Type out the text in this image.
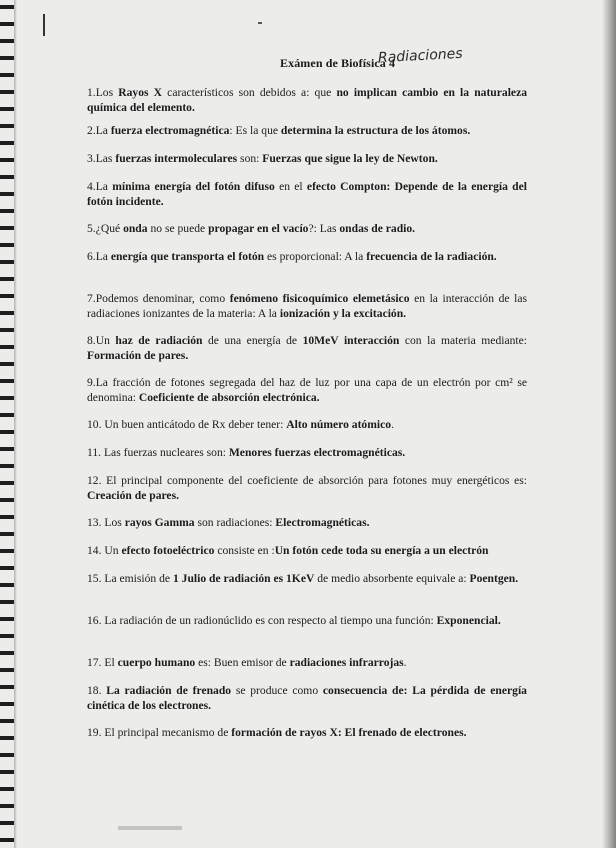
Exámen de Biofísica 4
Radiaciones
1.Los Rayos X característicos son debidos a: que no implican cambio en la naturaleza química del elemento.
2.La fuerza electromagnética: Es la que determina la estructura de los átomos.
3.Las fuerzas intermoleculares son: Fuerzas que sigue la ley de Newton.
4.La mínima energía del fotón difuso en el efecto Compton: Depende de la energía del fotón incidente.
5.¿Qué onda no se puede propagar en el vacío?: Las ondas de radio.
6.La energía que transporta el fotón es proporcional: A la frecuencia de la radiación.
7.Podemos denominar, como fenómeno fisicoquímico elemetásico en la interacción de las radiaciones ionizantes de la materia: A la ionización y la excitación.
8.Un haz de radiación de una energía de 10MeV interacción con la materia mediante: Formación de pares.
9.La fracción de fotones segregada del haz de luz por una capa de un electrón por cm² se denomina: Coeficiente de absorción electrónica.
10. Un buen anticátodo de Rx deber tener: Alto número atómico.
11. Las fuerzas nucleares son: Menores fuerzas electromagnéticas.
12. El principal componente del coeficiente de absorción para fotones muy energéticos es: Creación de pares.
13. Los rayos Gamma son radiaciones: Electromagnéticas.
14. Un efecto fotoeléctrico consiste en :Un fotón cede toda su energía a un electrón
15. La emisión de 1 Julio de radiación es 1KeV de medio absorbente equivale a: Poentgen.
16. La radiación de un radionúclido es con respecto al tiempo una función: Exponencial.
17. El cuerpo humano es: Buen emisor de radiaciones infrarrojas.
18. La radiación de frenado se produce como consecuencia de: La pérdida de energía cinética de los electrones.
19. El principal mecanismo de formación de rayos X: El frenado de electrones.
